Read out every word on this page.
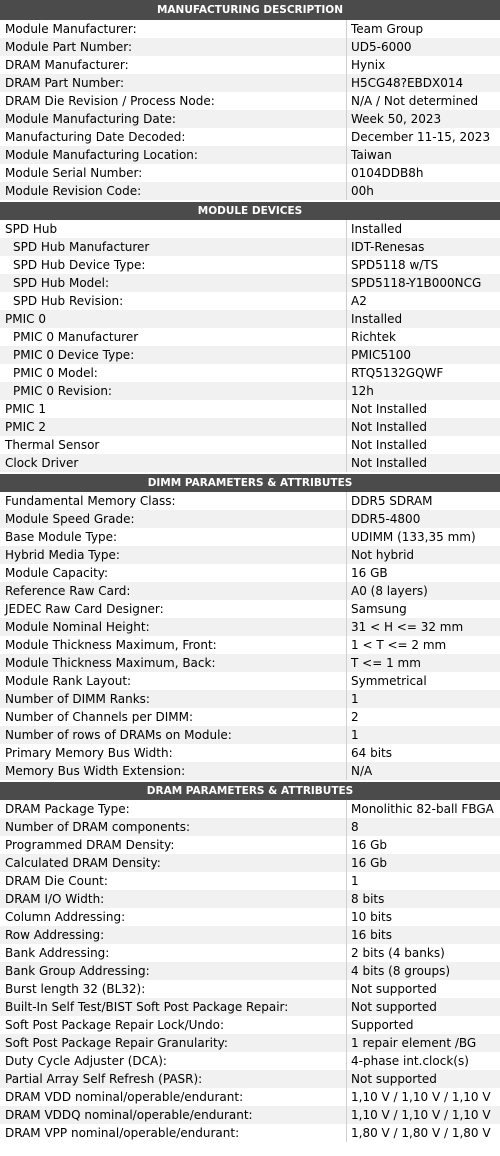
MANUFACTURING DESCRIPTION
Module Manufacturer:	Team Group
Module Part Number:	UD5-6000
DRAM Manufacturer:	Hynix
DRAM Part Number:	H5CG48?EBDX014
DRAM Die Revision / Process Node:	N/A / Not determined
Module Manufacturing Date:	Week 50, 2023
Manufacturing Date Decoded:	December 11-15, 2023
Module Manufacturing Location:	Taiwan
Module Serial Number:	0104DDB8h
Module Revision Code:	00h
MODULE DEVICES
SPD Hub	Installed
SPD Hub Manufacturer	IDT-Renesas
SPD Hub Device Type:	SPD5118 w/TS
SPD Hub Model:	SPD5118-Y1B000NCG
SPD Hub Revision:	A2
PMIC 0	Installed
PMIC 0 Manufacturer	Richtek
PMIC 0 Device Type:	PMIC5100
PMIC 0 Model:	RTQ5132GQWF
PMIC 0 Revision:	12h
PMIC 1	Not Installed
PMIC 2	Not Installed
Thermal Sensor	Not Installed
Clock Driver	Not Installed
DIMM PARAMETERS & ATTRIBUTES
Fundamental Memory Class:	DDR5 SDRAM
Module Speed Grade:	DDR5-4800
Base Module Type:	UDIMM (133,35 mm)
Hybrid Media Type:	Not hybrid
Module Capacity:	16 GB
Reference Raw Card:	A0 (8 layers)
JEDEC Raw Card Designer:	Samsung
Module Nominal Height:	31 < H <= 32 mm
Module Thickness Maximum, Front:	1 < T <= 2 mm
Module Thickness Maximum, Back:	T <= 1 mm
Module Rank Layout:	Symmetrical
Number of DIMM Ranks:	1
Number of Channels per DIMM:	2
Number of rows of DRAMs on Module:	1
Primary Memory Bus Width:	64 bits
Memory Bus Width Extension:	N/A
DRAM PARAMETERS & ATTRIBUTES
DRAM Package Type:	Monolithic 82-ball FBGA
Number of DRAM components:	8
Programmed DRAM Density:	16 Gb
Calculated DRAM Density:	16 Gb
DRAM Die Count:	1
DRAM I/O Width:	8 bits
Column Addressing:	10 bits
Row Addressing:	16 bits
Bank Addressing:	2 bits (4 banks)
Bank Group Addressing:	4 bits (8 groups)
Burst length 32 (BL32):	Not supported
Built-In Self Test/BIST Soft Post Package Repair:	Not supported
Soft Post Package Repair Lock/Undo:	Supported
Soft Post Package Repair Granularity:	1 repair element /BG
Duty Cycle Adjuster (DCA):	4-phase int.clock(s)
Partial Array Self Refresh (PASR):	Not supported
DRAM VDD nominal/operable/endurant:	1,10 V / 1,10 V / 1,10 V
DRAM VDDQ nominal/operable/endurant:	1,10 V / 1,10 V / 1,10 V
DRAM VPP nominal/operable/endurant:	1,80 V / 1,80 V / 1,80 V
